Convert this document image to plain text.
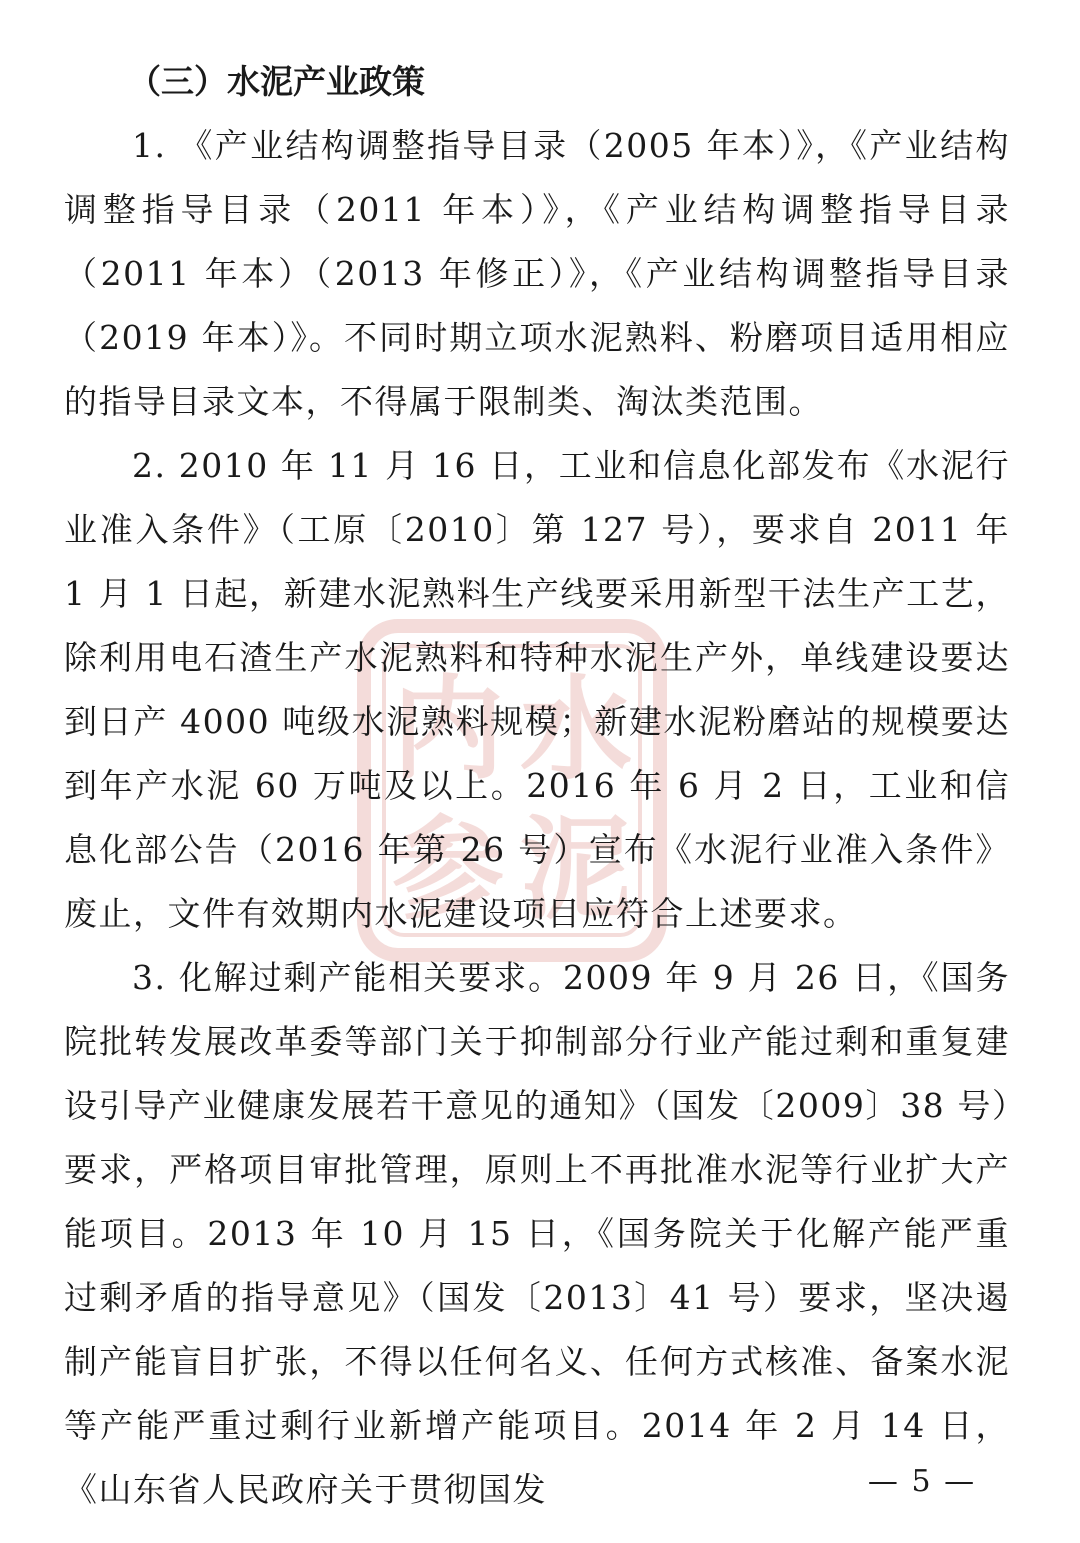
内 水
参 泥

（三）水泥产业政策

1. 《产业结构调整指导目录（2005 年本）》，《产业结构调整指导目录（2011 年本）》，《产业结构调整指导目录（2011 年本）（2013 年修正）》，《产业结构调整指导目录（2019 年本）》。不同时期立项水泥熟料、粉磨项目适用相应的指导目录文本，不得属于限制类、淘汰类范围。

2. 2010 年 11 月 16 日，工业和信息化部发布《水泥行业准入条件》（工原〔2010〕第 127 号），要求自 2011 年 1 月 1 日起，新建水泥熟料生产线要采用新型干法生产工艺，除利用电石渣生产水泥熟料和特种水泥生产外，单线建设要达到日产 4000 吨级水泥熟料规模；新建水泥粉磨站的规模要达到年产水泥 60 万吨及以上。2016 年 6 月 2 日，工业和信息化部公告（2016 年第 26 号）宣布《水泥行业准入条件》废止，文件有效期内水泥建设项目应符合上述要求。

3. 化解过剩产能相关要求。2009 年 9 月 26 日，《国务院批转发展改革委等部门关于抑制部分行业产能过剩和重复建设引导产业健康发展若干意见的通知》（国发〔2009〕38 号）要求，严格项目审批管理，原则上不再批准水泥等行业扩大产能项目。2013 年 10 月 15 日，《国务院关于化解产能严重过剩矛盾的指导意见》（国发〔2013〕41 号）要求，坚决遏制产能盲目扩张，不得以任何名义、任何方式核准、备案水泥等产能严重过剩行业新增产能项目。2014 年 2 月 14 日，《山东省人民政府关于贯彻国发	— 5 —
